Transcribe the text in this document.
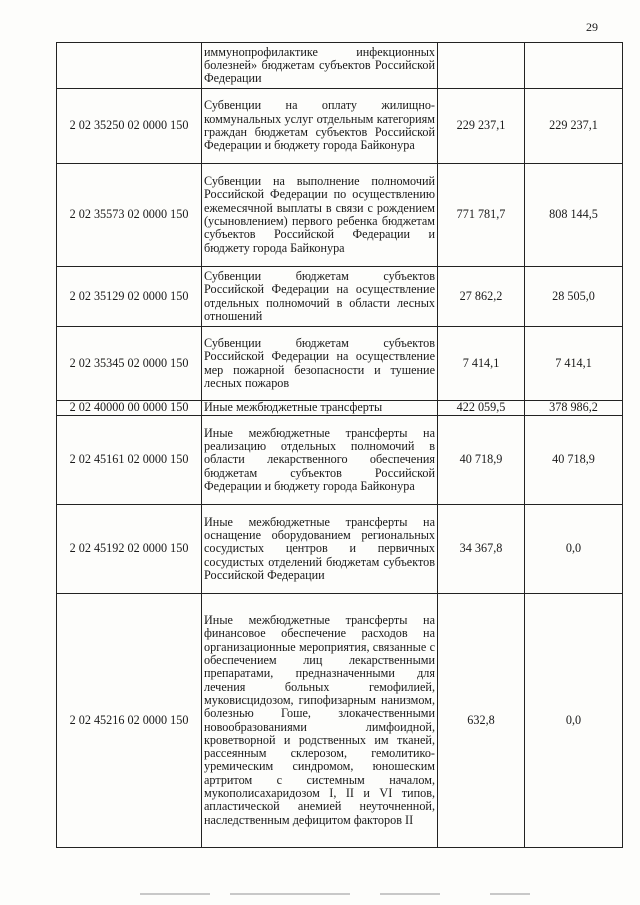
29
	иммунопрофилактике инфекционных болезней» бюджетам субъектов Российской Федерации		
2 02 35250 02 0000 150	Субвенции на оплату жилищно-коммунальных услуг отдельным категориям граждан бюджетам субъектов Российской Федерации и бюджету города Байконура	229 237,1	229 237,1
2 02 35573 02 0000 150	Субвенции на выполнение полномочий Российской Федерации по осуществлению ежемесячной выплаты в связи с рождением (усыновлением) первого ребенка бюджетам субъектов Российской Федерации и бюджету города Байконура	771 781,7	808 144,5
2 02 35129 02 0000 150	Субвенции бюджетам субъектов Российской Федерации на осуществление отдельных полномочий в области лесных отношений	27 862,2	28 505,0
2 02 35345 02 0000 150	Субвенции бюджетам субъектов Российской Федерации на осуществление мер пожарной безопасности и тушение лесных пожаров	7 414,1	7 414,1
2 02 40000 00 0000 150	Иные межбюджетные трансферты	422 059,5	378 986,2
2 02 45161 02 0000 150	Иные межбюджетные трансферты на реализацию отдельных полномочий в области лекарственного обеспечения бюджетам субъектов Российской Федерации и бюджету города Байконура	40 718,9	40 718,9
2 02 45192 02 0000 150	Иные межбюджетные трансферты на оснащение оборудованием региональных сосудистых центров и первичных сосудистых отделений бюджетам субъектов Российской Федерации	34 367,8	0,0
2 02 45216 02 0000 150	Иные межбюджетные трансферты на финансовое обеспечение расходов на организационные мероприятия, связанные с обеспечением лиц лекарственными препаратами, предназначенными для лечения больных гемофилией, муковисцидозом, гипофизарным нанизмом, болезнью Гоше, злокачественными новообразованиями лимфоидной, кроветворной и родственных им тканей, рассеянным склерозом, гемолитико-уремическим синдромом, юношеским артритом с системным началом, мукополисахаридозом I, II и VI типов, апластической анемией неуточненной, наследственным дефицитом факторов II	632,8	0,0
